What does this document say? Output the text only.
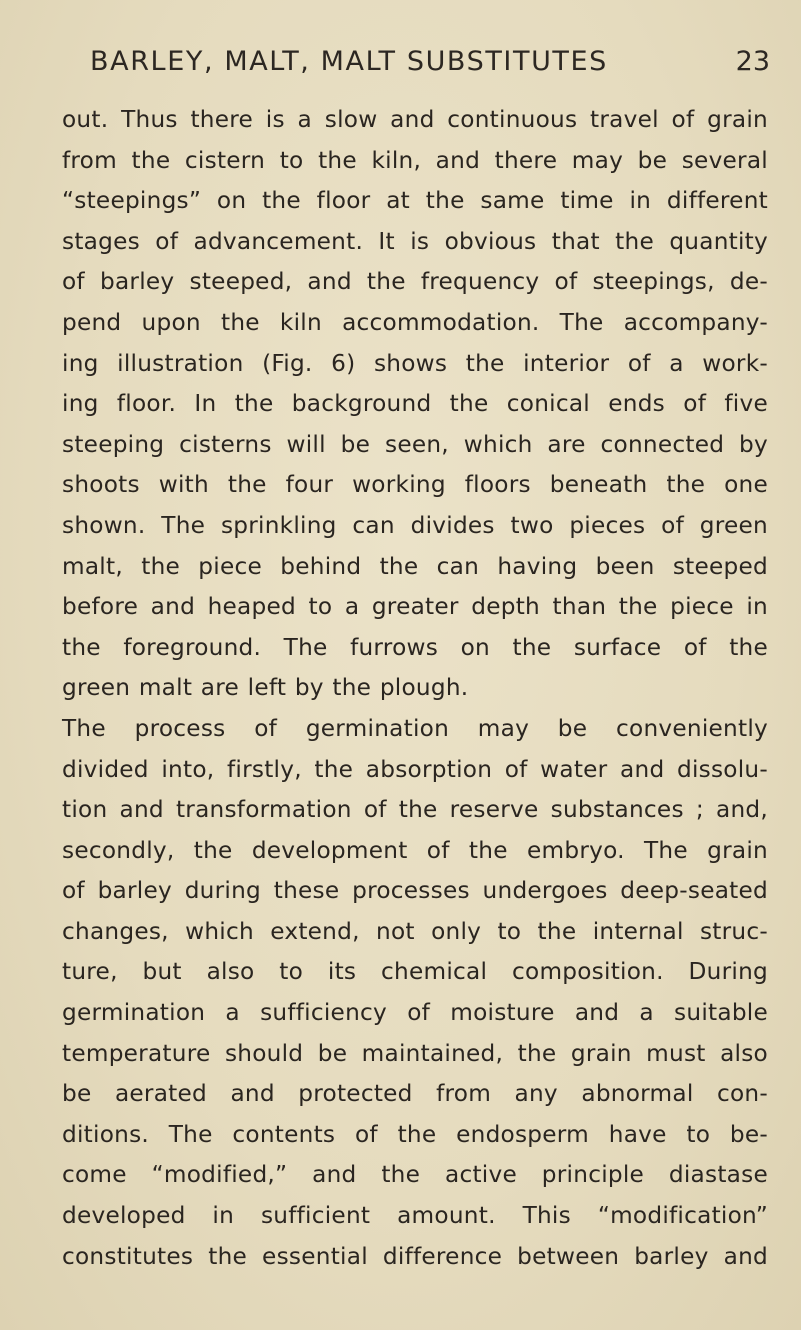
BARLEY, MALT, MALT SUBSTITUTES	23
out. Thus there is a slow and continuous travel of grain
from the cistern to the kiln, and there may be several
“steepings” on the floor at the same time in different
stages of advancement. It is obvious that the quantity
of barley steeped, and the frequency of steepings, de-
pend upon the kiln accommodation. The accompany-
ing illustration (Fig. 6) shows the interior of a work-
ing floor. In the background the conical ends of five
steeping cisterns will be seen, which are connected by
shoots with the four working floors beneath the one
shown. The sprinkling can divides two pieces of green
malt, the piece behind the can having been steeped
before and heaped to a greater depth than the piece in
the foreground. The furrows on the surface of the
green malt are left by the plough.
The process of germination may be conveniently
divided into, firstly, the absorption of water and dissolu-
tion and transformation of the reserve substances ; and,
secondly, the development of the embryo. The grain
of barley during these processes undergoes deep-seated
changes, which extend, not only to the internal struc-
ture, but also to its chemical composition. During
germination a sufficiency of moisture and a suitable
temperature should be maintained, the grain must also
be aerated and protected from any abnormal con-
ditions. The contents of the endosperm have to be-
come “modified,” and the active principle diastase
developed in sufficient amount. This “modification”
constitutes the essential difference between barley and
